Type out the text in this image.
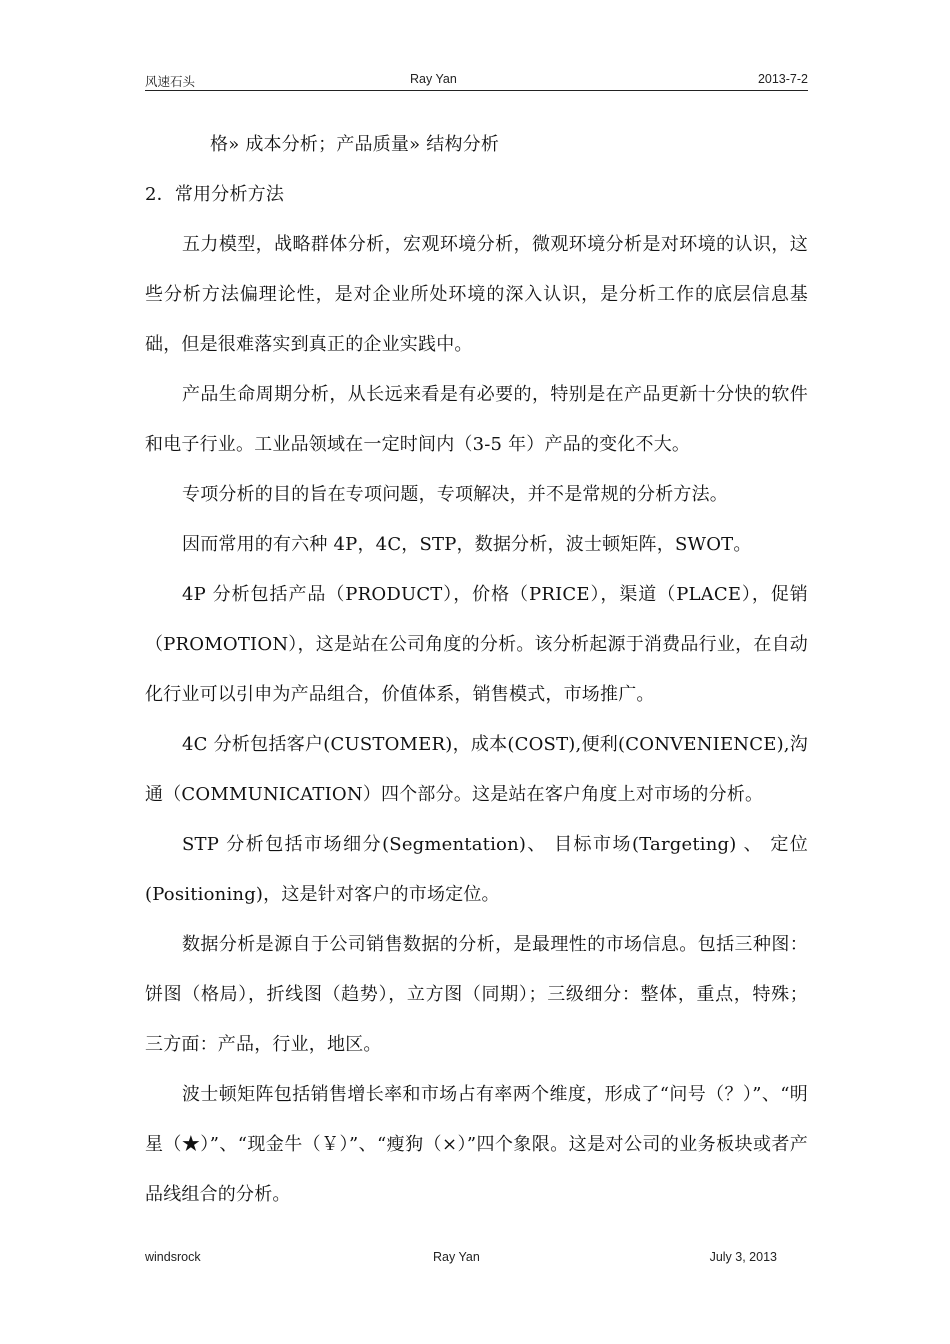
风速石头	Ray Yan	2013-7-2

格» 成本分析；产品质量» 结构分析

2．常用分析方法

五力模型，战略群体分析，宏观环境分析，微观环境分析是对环境的认识，这些分析方法偏理论性，是对企业所处环境的深入认识，是分析工作的底层信息基础，但是很难落实到真正的企业实践中。

产品生命周期分析，从长远来看是有必要的，特别是在产品更新十分快的软件和电子行业。工业品领域在一定时间内（3-5 年）产品的变化不大。

专项分析的目的旨在专项问题，专项解决，并不是常规的分析方法。

因而常用的有六种 4P，4C，STP，数据分析，波士顿矩阵，SWOT。

4P 分析包括产品（PRODUCT），价格（PRICE），渠道（PLACE），促销（PROMOTION），这是站在公司角度的分析。该分析起源于消费品行业，在自动化行业可以引申为产品组合，价值体系，销售模式，市场推广。

4C 分析包括客户(CUSTOMER)，成本(COST),便利(CONVENIENCE),沟通（COMMUNICATION）四个部分。这是站在客户角度上对市场的分析。

STP 分析包括市场细分(Segmentation)、 目标市场(Targeting) 、 定位(Positioning)，这是针对客户的市场定位。

数据分析是源自于公司销售数据的分析，是最理性的市场信息。包括三种图：饼图（格局），折线图（趋势），立方图（同期）；三级细分：整体，重点，特殊；三方面：产品，行业，地区。

波士顿矩阵包括销售增长率和市场占有率两个维度，形成了“问号（？）”、“明星（★）”、“现金牛（￥）”、“瘦狗（×）”四个象限。这是对公司的业务板块或者产品线组合的分析。

windsrock	Ray Yan	July 3, 2013
